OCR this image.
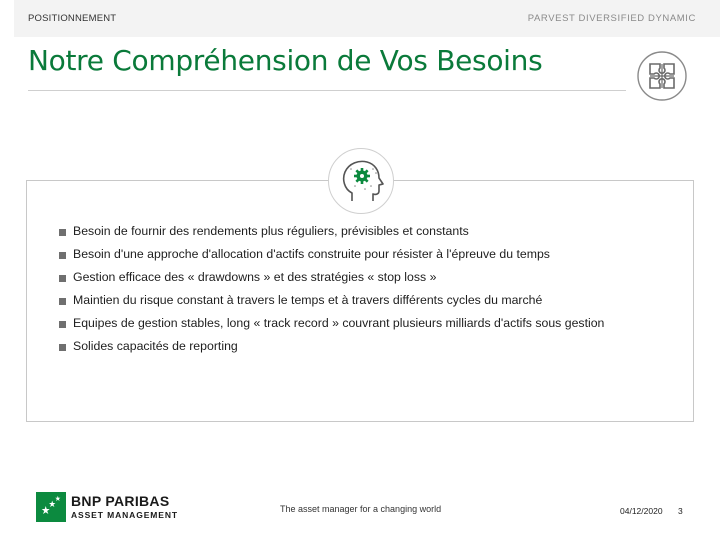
POSITIONNEMENT	PARVEST DIVERSIFIED DYNAMIC
Notre Compréhension de Vos Besoins
Besoin de fournir des rendements plus réguliers, prévisibles et constants
Besoin d'une approche d'allocation d'actifs construite pour résister à l'épreuve du temps
Gestion efficace des « drawdowns » et des stratégies « stop loss »
Maintien du risque constant à travers le temps et à travers différents cycles du marché
Equipes de gestion stables, long « track record » couvrant plusieurs milliards d'actifs sous gestion
Solides capacités de reporting
BNP PARIBAS
ASSET MANAGEMENT
The asset manager for a changing world	04/12/2020 3
